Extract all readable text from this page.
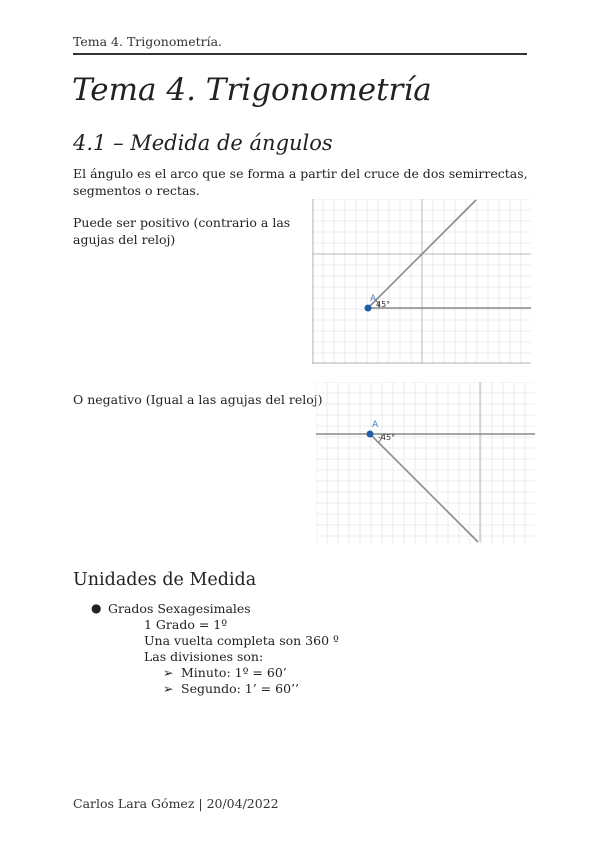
Tema 4. Trigonometría.
Tema 4. Trigonometría
4.1 – Medida de ángulos
El ángulo es el arco que se forma a partir del cruce de dos semirrectas, segmentos o rectas.
Puede ser positivo (contrario a las agujas del reloj)
O negativo (Igual a las agujas del reloj)
45°
A
-45°
A
Unidades de Medida
● Grados Sexagesimales
1 Grado = 1º
Una vuelta completa son 360 º
Las divisiones son:
➢ Minuto: 1º = 60’
➢ Segundo: 1’ = 60’’
Carlos Lara Gómez | 20/04/2022
